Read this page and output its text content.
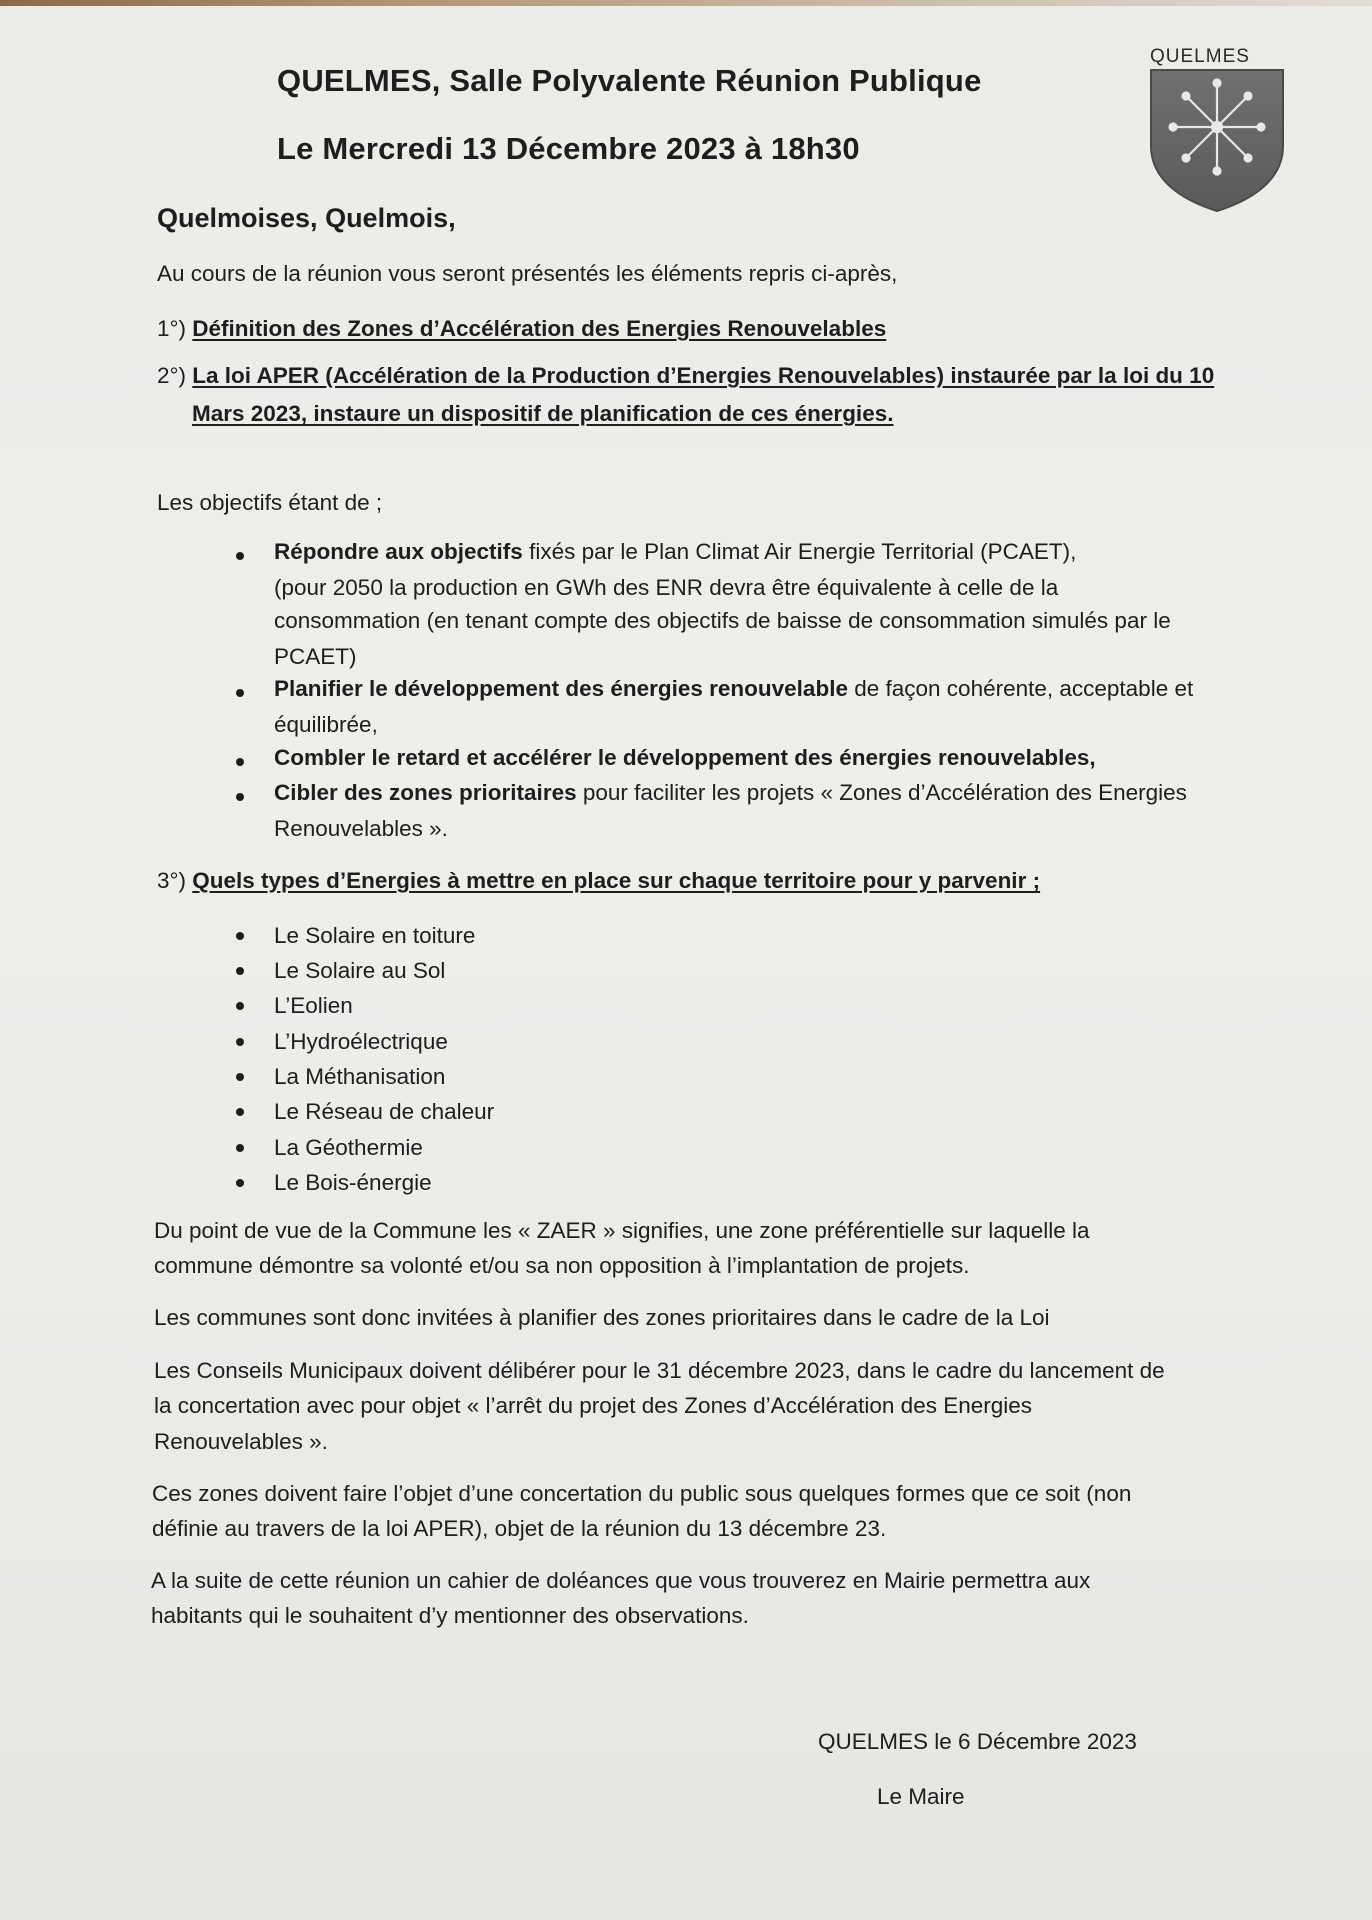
QUELMES
QUELMES, Salle Polyvalente Réunion Publique
Le Mercredi 13 Décembre 2023 à 18h30
Quelmoises, Quelmois,
Au cours de la réunion vous seront présentés les éléments repris ci-après,
1°) Définition des Zones d’Accélération des Energies Renouvelables
2°) La loi APER (Accélération de la Production d’Energies Renouvelables) instaurée par la loi du 10
Mars 2023, instaure un dispositif de planification de ces énergies.
Les objectifs étant de ;
Répondre aux objectifs fixés par le Plan Climat Air Energie Territorial (PCAET),
(pour 2050 la production en GWh des ENR devra être équivalente à celle de la
consommation (en tenant compte des objectifs de baisse de consommation simulés par le
PCAET)
Planifier le développement des énergies renouvelable de façon cohérente, acceptable et
équilibrée,
Combler le retard et accélérer le développement des énergies renouvelables,
Cibler des zones prioritaires pour faciliter les projets « Zones d’Accélération des Energies
Renouvelables ».
3°) Quels types d’Energies à mettre en place sur chaque territoire pour y parvenir ;
Le Solaire en toiture
Le Solaire au Sol
L’Eolien
L’Hydroélectrique
La Méthanisation
Le Réseau de chaleur
La Géothermie
Le Bois-énergie
Du point de vue de la Commune les « ZAER » signifies, une zone préférentielle sur laquelle la
commune démontre sa volonté et/ou sa non opposition à l’implantation de projets.
Les communes sont donc invitées à planifier des zones prioritaires dans le cadre de la Loi
Les Conseils Municipaux doivent délibérer pour le 31 décembre 2023, dans le cadre du lancement de
la concertation avec pour objet « l’arrêt du projet des Zones d’Accélération des Energies
Renouvelables ».
Ces zones doivent faire l’objet d’une concertation du public sous quelques formes que ce soit (non
définie au travers de la loi APER), objet de la réunion du 13 décembre 23.
A la suite de cette réunion un cahier de doléances que vous trouverez en Mairie permettra aux
habitants qui le souhaitent d’y mentionner des observations.
QUELMES le 6 Décembre 2023
Le Maire
